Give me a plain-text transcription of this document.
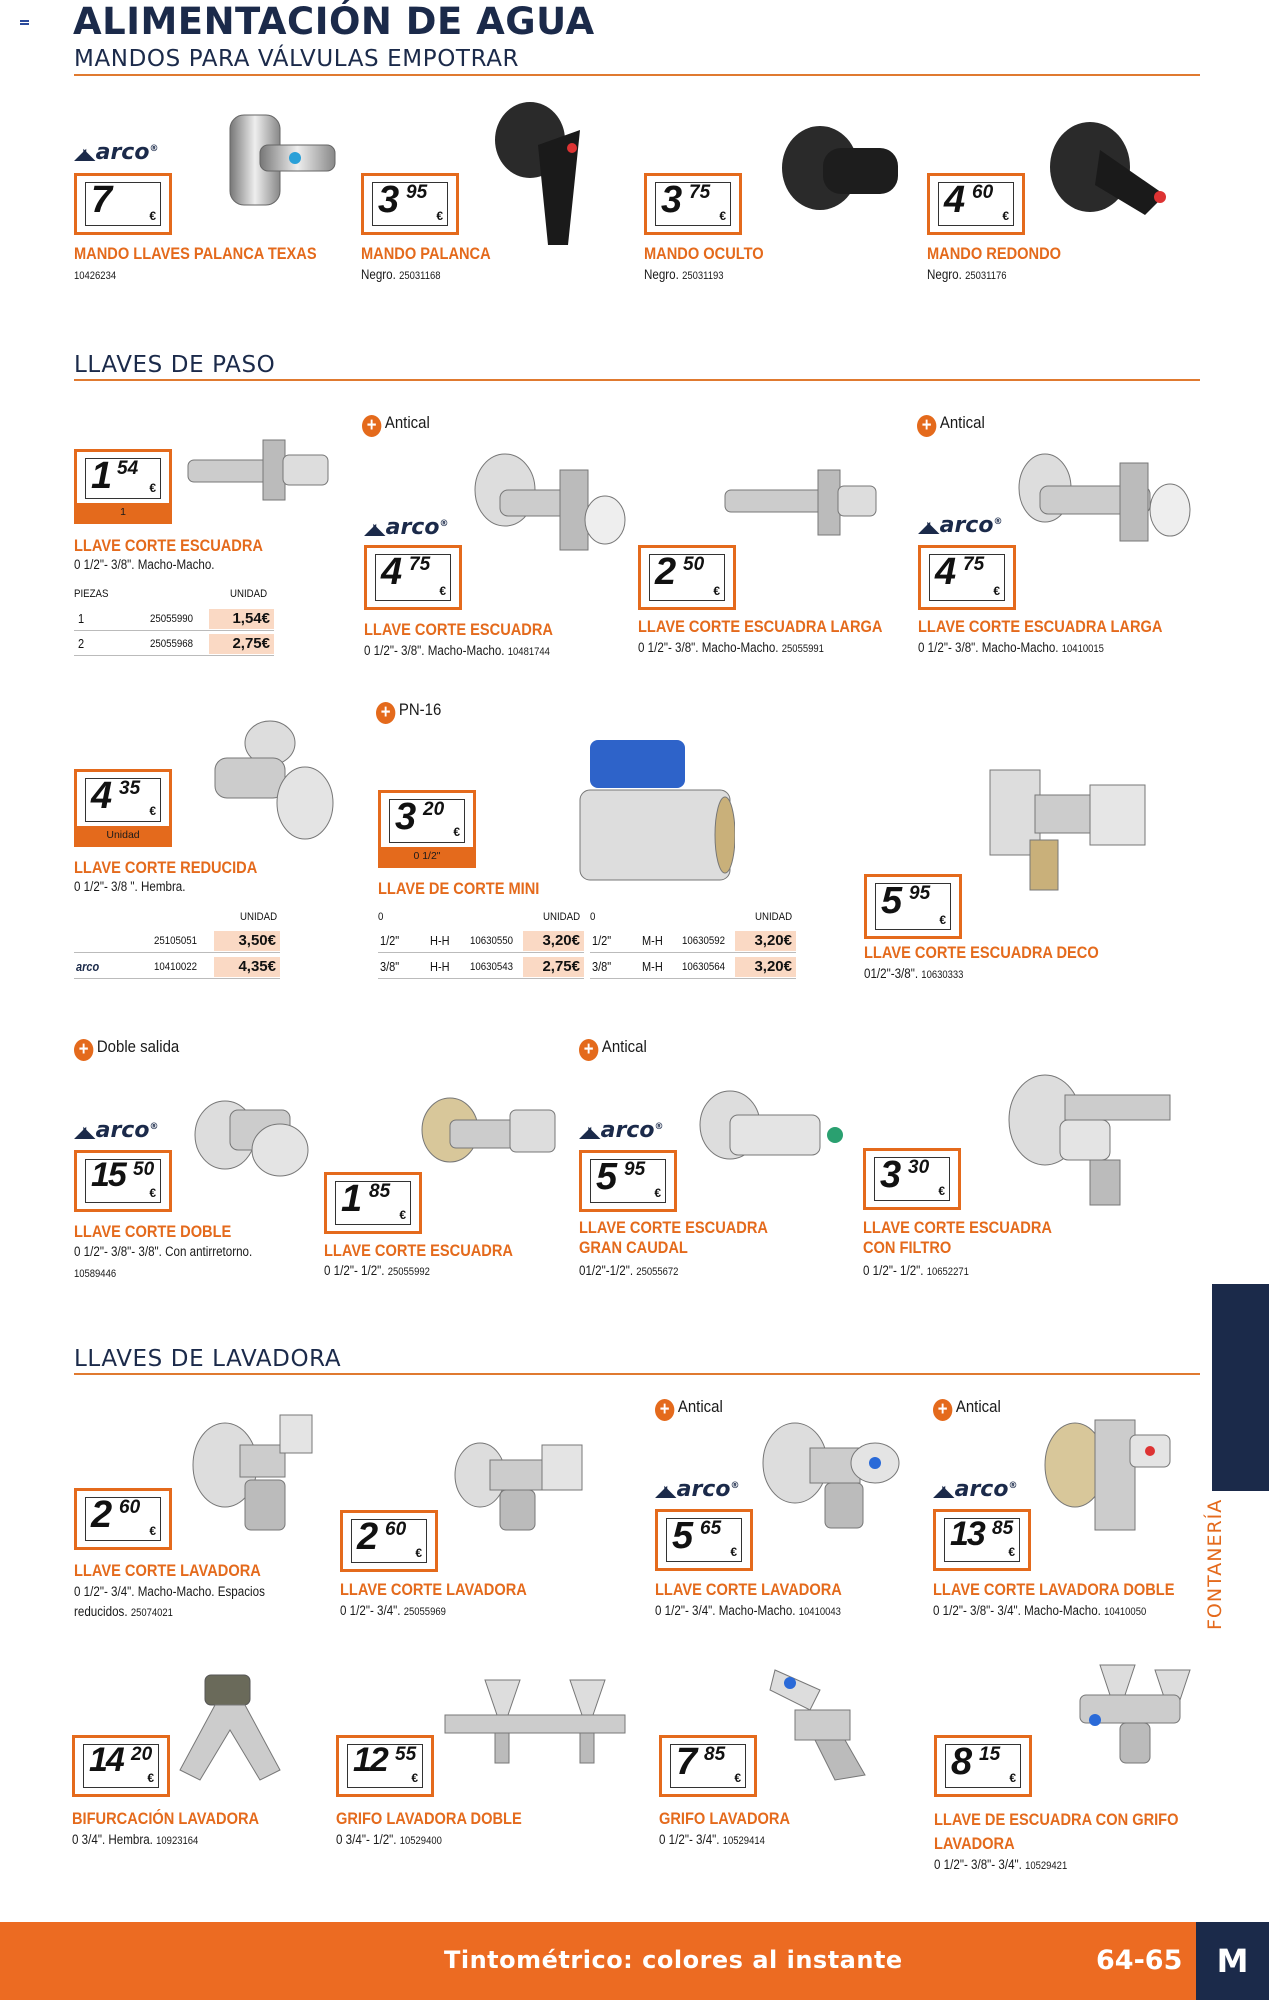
ALIMENTACIÓN DE AGUA
MANDOS PARA VÁLVULAS EMPOTRAR
◢◣ arco®
7	€
MANDO LLAVES PALANCA TEXAS
10426234
3 95
€
MANDO PALANCA
Negro. 25031168
3 75
€
MANDO OCULTO
Negro. 25031193
4 60
€
MANDO REDONDO
Negro. 25031176
LLAVES DE PASO
1 54
€
1
LLAVE CORTE ESCUADRA
0 1/2"- 3/8". Macho-Macho.
PIEZAS	UNIDAD
1	25055990	1,54€
2	25055968	2,75€
+ Antical
◢◣ arco®
4 75
€
LLAVE CORTE ESCUADRA
0 1/2"- 3/8". Macho-Macho. 10481744
2 50
€
LLAVE CORTE ESCUADRA LARGA
0 1/2"- 3/8". Macho-Macho. 25055991
+ Antical
◢◣ arco®
4 75
€
LLAVE CORTE ESCUADRA LARGA
0 1/2"- 3/8". Macho-Macho. 10410015
4 35
€
Unidad
LLAVE CORTE REDUCIDA
0 1/2"- 3/8 ". Hembra.
UNIDAD
25105051	3,50€
arco	10410022	4,35€
+ PN-16
3 20
€
0 1/2"
LLAVE DE CORTE MINI
0	UNIDAD 0	UNIDAD
1/2" H-H 10630550	3,20€
3/8" H-H 10630543	2,75€
1/2" M-H 10630592	3,20€
3/8" M-H 10630564	3,20€
5 95
€
LLAVE CORTE ESCUADRA DECO
01/2"-3/8". 10630333
+ Doble salida
◢◣ arco®
15 50
€
LLAVE CORTE DOBLE
0 1/2"- 3/8"- 3/8". Con antirretorno.
10589446
1 85
€
LLAVE CORTE ESCUADRA
0 1/2"- 1/2". 25055992
+ Antical
◢◣ arco®
5 95
€
LLAVE CORTE ESCUADRA
GRAN CAUDAL
01/2"-1/2". 25055672
3 30
€
LLAVE CORTE ESCUADRA
CON FILTRO
0 1/2"- 1/2". 10652271
LLAVES DE LAVADORA
2 60
€
LLAVE CORTE LAVADORA
0 1/2"- 3/4". Macho-Macho. Espacios
reducidos. 25074021
2 60
€
LLAVE CORTE LAVADORA
0 1/2"- 3/4". 25055969
+ Antical
◢◣ arco®
5 65
€
LLAVE CORTE LAVADORA
0 1/2"- 3/4". Macho-Macho. 10410043
+ Antical
◢◣ arco®
13 85
€
LLAVE CORTE LAVADORA DOBLE
0 1/2"- 3/8"- 3/4". Macho-Macho. 10410050
14 20
€
BIFURCACIÓN LAVADORA
0 3/4". Hembra. 10923164
12 55
€
GRIFO LAVADORA DOBLE
0 3/4"- 1/2". 10529400
7 85
€
GRIFO LAVADORA
0 1/2"- 3/4". 10529414
8 15
€
LLAVE DE ESCUADRA CON GRIFO
LAVADORA
0 1/2"- 3/8"- 3/4". 10529421
FONTANERÍA
Tintométrico: colores al instante	64-65	M
